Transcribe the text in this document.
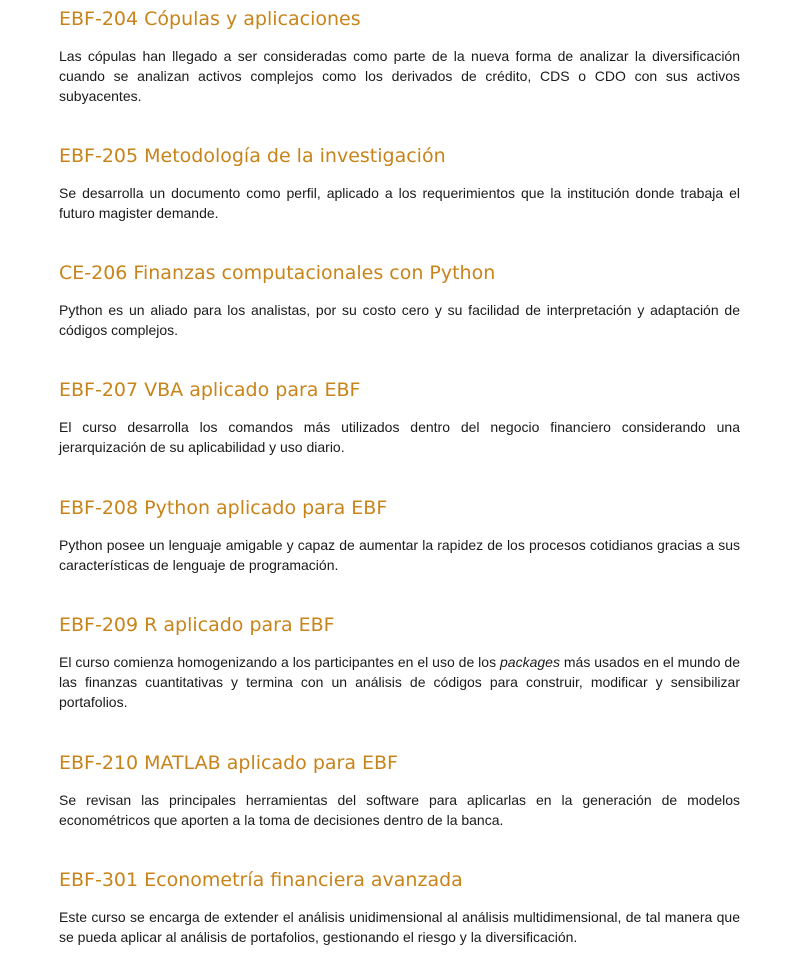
EBF-204 Cópulas y aplicaciones

Las cópulas han llegado a ser consideradas como parte de la nueva forma de analizar la diversificación cuando se analizan activos complejos como los derivados de crédito, CDS o CDO con sus activos subyacentes.

EBF-205 Metodología de la investigación

Se desarrolla un documento como perfil, aplicado a los requerimientos que la institución donde trabaja el futuro magister demande.

CE-206 Finanzas computacionales con Python

Python es un aliado para los analistas, por su costo cero y su facilidad de interpretación y adaptación de códigos complejos.

EBF-207 VBA aplicado para EBF

El curso desarrolla los comandos más utilizados dentro del negocio financiero considerando una jerarquización de su aplicabilidad y uso diario.

EBF-208 Python aplicado para EBF

Python posee un lenguaje amigable y capaz de aumentar la rapidez de los procesos cotidianos gracias a sus características de lenguaje de programación.

EBF-209 R aplicado para EBF

El curso comienza homogenizando a los participantes en el uso de los packages más usados en el mundo de las finanzas cuantitativas y termina con un análisis de códigos para construir, modificar y sensibilizar portafolios.

EBF-210 MATLAB aplicado para EBF

Se revisan las principales herramientas del software para aplicarlas en la generación de modelos econométricos que aporten a la toma de decisiones dentro de la banca.

EBF-301 Econometría financiera avanzada

Este curso se encarga de extender el análisis unidimensional al análisis multidimensional, de tal manera que se pueda aplicar al análisis de portafolios, gestionando el riesgo y la diversificación.
